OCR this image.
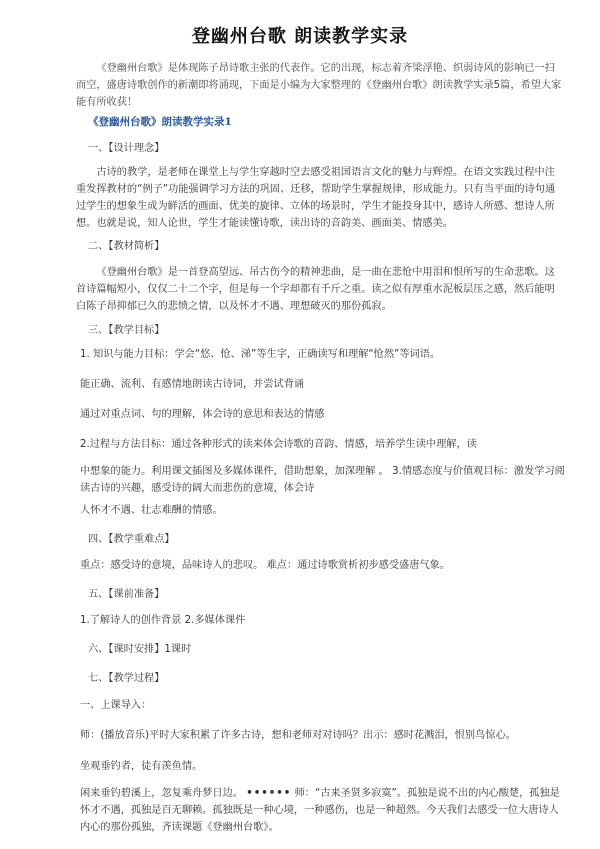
登幽州台歌 朗读教学实录
《登幽州台歌》是体现陈子昂诗歌主张的代表作。它的出现，标志着齐梁浮艳、织弱诗风的影响已一扫而空，盛唐诗歌创作的新潮即将涌现，下面是小编为大家整理的《登幽州台歌》朗读教学实录5篇，希望大家能有所收获！
《登幽州台歌》朗读教学实录1
一、【设计理念】
古诗的教学，是老师在课堂上与学生穿越时空去感受祖国语言文化的魅力与辉煌。在语文实践过程中注重发挥教材的“例子”功能强调学习方法的巩固、迁移，帮助学生掌握规律，形成能力。只有当平面的诗句通过学生的想象生成为鲜活的画面、优美的旋律、立体的场景时，学生才能投身其中，感诗人所感、想诗人所想。也就是说，知人论世，学生才能读懂诗歌，读出诗的音韵美、画面美、情感美。
二、【教材简析】
《登幽州台歌》是一首登高望远、吊古伤今的精神悲曲，是一曲在悲怆中用泪和恨所写的生命悲歌。这首诗篇幅短小，仅仅二十二个字，但是每一个字却都有千斤之重。读之似有厚重水泥板层压之感，然后能明白陈子昂抑郁已久的悲愤之情，以及怀才不遇、理想破灭的那份孤寂。
三、【教学目标】
1. 知识与能力目标：学会“悠、怆、涕”等生字，正确读写和理解“怆然”等词语。
能正确、流利、有感情地朗读古诗词，并尝试背诵
通过对重点词、句的理解，体会诗的意思和表达的情感
2.过程与方法目标：通过各种形式的读来体会诗歌的音韵、情感，培养学生读中理解，读
中想象的能力。利用课文插图及多媒体课件，借助想象，加深理解 。 3.情感态度与价值观目标：激发学习阅读古诗的兴趣，感受诗的阔大而悲伤的意境，体会诗
人怀才不遇、壮志难酬的情感。
四、【教学重难点】
重点：感受诗的意境，品味诗人的悲叹。 难点：通过诗歌赏析初步感受盛唐气象。
五、【课前准备】
1.了解诗人的创作背景 2.多媒体课件
六、【课时安排】1课时
七、【教学过程】
一、上课导入：
师：(播放音乐)平时大家积累了许多古诗，想和老师对对诗吗？出示：感时花溅泪，恨别鸟惊心。
坐观垂钓者，徒有羡鱼情。
闲来垂钓碧溪上，忽复乘舟梦日边。 •••••• 师：“古来圣贤多寂寞”。孤独是说不出的内心酸楚，孤独是怀才不遇，孤独是百无聊赖。孤独既是一种心境，一种感伤，也是一种超然。今天我们去感受一位大唐诗人内心的那份孤独，齐读课题《登幽州台歌》。
